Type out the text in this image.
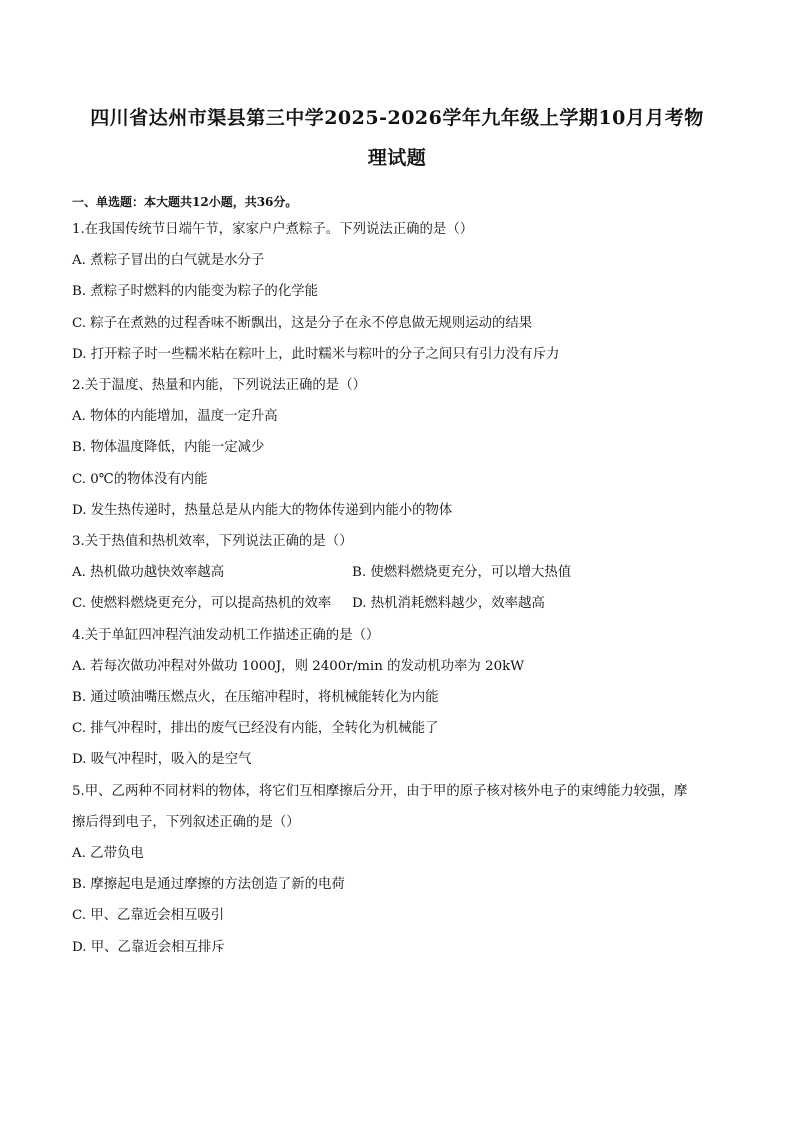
四川省达州市渠县第三中学2025-2026学年九年级上学期10月月考物
理试题
一、单选题：本大题共12小题，共36分。
1.在我国传统节日端午节，家家户户煮粽子。下列说法正确的是（）
A. 煮粽子冒出的白气就是水分子
B. 煮粽子时燃料的内能变为粽子的化学能
C. 粽子在煮熟的过程香味不断飘出，这是分子在永不停息做无规则运动的结果
D. 打开粽子时一些糯米粘在粽叶上，此时糯米与粽叶的分子之间只有引力没有斥力
2.关于温度、热量和内能，下列说法正确的是（）
A. 物体的内能增加，温度一定升高
B. 物体温度降低，内能一定减少
C. 0℃的物体没有内能
D. 发生热传递时，热量总是从内能大的物体传递到内能小的物体
3.关于热值和热机效率，下列说法正确的是（）
A. 热机做功越快效率越高	B. 使燃料燃烧更充分，可以增大热值
C. 使燃料燃烧更充分，可以提高热机的效率	D. 热机消耗燃料越少，效率越高
4.关于单缸四冲程汽油发动机工作描述正确的是（）
A. 若每次做功冲程对外做功 1000J，则 2400r/min 的发动机功率为 20kW
B. 通过喷油嘴压燃点火，在压缩冲程时，将机械能转化为内能
C. 排气冲程时，排出的废气已经没有内能，全转化为机械能了
D. 吸气冲程时，吸入的是空气
5.甲、乙两种不同材料的物体，将它们互相摩擦后分开，由于甲的原子核对核外电子的束缚能力较强，摩
擦后得到电子，下列叙述正确的是（）
A. 乙带负电
B. 摩擦起电是通过摩擦的方法创造了新的电荷
C. 甲、乙靠近会相互吸引
D. 甲、乙靠近会相互排斥
